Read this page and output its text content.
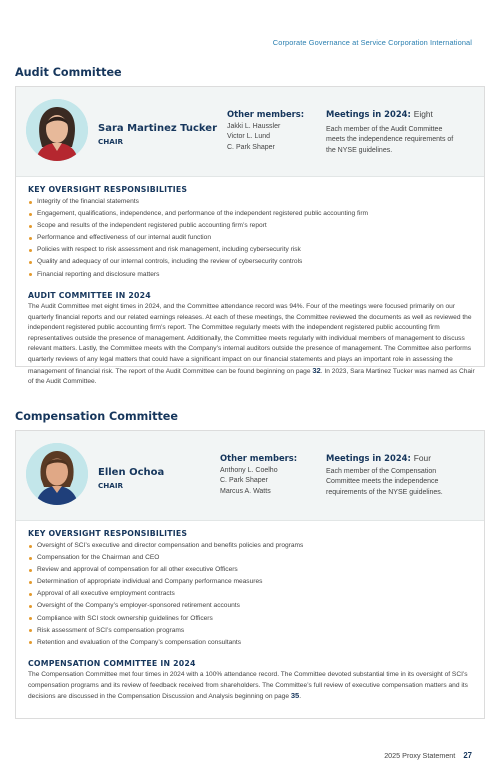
Corporate Governance at Service Corporation International
Audit Committee
Sara Martinez Tucker
CHAIR
Other members:
Jakki L. Haussler
Victor L. Lund
C. Park Shaper
Meetings in 2024: Eight
Each member of the Audit Committee meets the independence requirements of the NYSE guidelines.
KEY OVERSIGHT RESPONSIBILITIES
Integrity of the financial statements
Engagement, qualifications, independence, and performance of the independent registered public accounting firm
Scope and results of the independent registered public accounting firm’s report
Performance and effectiveness of our internal audit function
Policies with respect to risk assessment and risk management, including cybersecurity risk
Quality and adequacy of our internal controls, including the review of cybersecurity controls
Financial reporting and disclosure matters
AUDIT COMMITTEE IN 2024
The Audit Committee met eight times in 2024, and the Committee attendance record was 94%. Four of the meetings were focused primarily on our quarterly financial reports and our related earnings releases. At each of these meetings, the Committee reviewed the documents as well as reviewed the independent registered public accounting firm’s report. The Committee regularly meets with the independent registered public accounting firm representatives outside the presence of management. Additionally, the Committee meets regularly with individual members of management to discuss relevant matters. Lastly, the Committee meets with the Company’s internal auditors outside the presence of management. The Committee also performs quarterly reviews of any legal matters that could have a significant impact on our financial statements and plays an important role in assessing the management of financial risk. The report of the Audit Committee can be found beginning on page 32. In 2023, Sara Martinez Tucker was named as Chair of the Audit Committee.
Compensation Committee
Ellen Ochoa
CHAIR
Other members:
Anthony L. Coelho
C. Park Shaper
Marcus A. Watts
Meetings in 2024: Four
Each member of the Compensation Committee meets the independence requirements of the NYSE guidelines.
KEY OVERSIGHT RESPONSIBILITIES
Oversight of SCI’s executive and director compensation and benefits policies and programs
Compensation for the Chairman and CEO
Review and approval of compensation for all other executive Officers
Determination of appropriate individual and Company performance measures
Approval of all executive employment contracts
Oversight of the Company’s employer-sponsored retirement accounts
Compliance with SCI stock ownership guidelines for Officers
Risk assessment of SCI’s compensation programs
Retention and evaluation of the Company’s compensation consultants
COMPENSATION COMMITTEE IN 2024
The Compensation Committee met four times in 2024 with a 100% attendance record. The Committee devoted substantial time in its oversight of SCI’s compensation programs and its review of feedback received from shareholders. The Committee’s full review of executive compensation matters and its decisions are discussed in the Compensation Discussion and Analysis beginning on page 35.
2025 Proxy Statement 27
